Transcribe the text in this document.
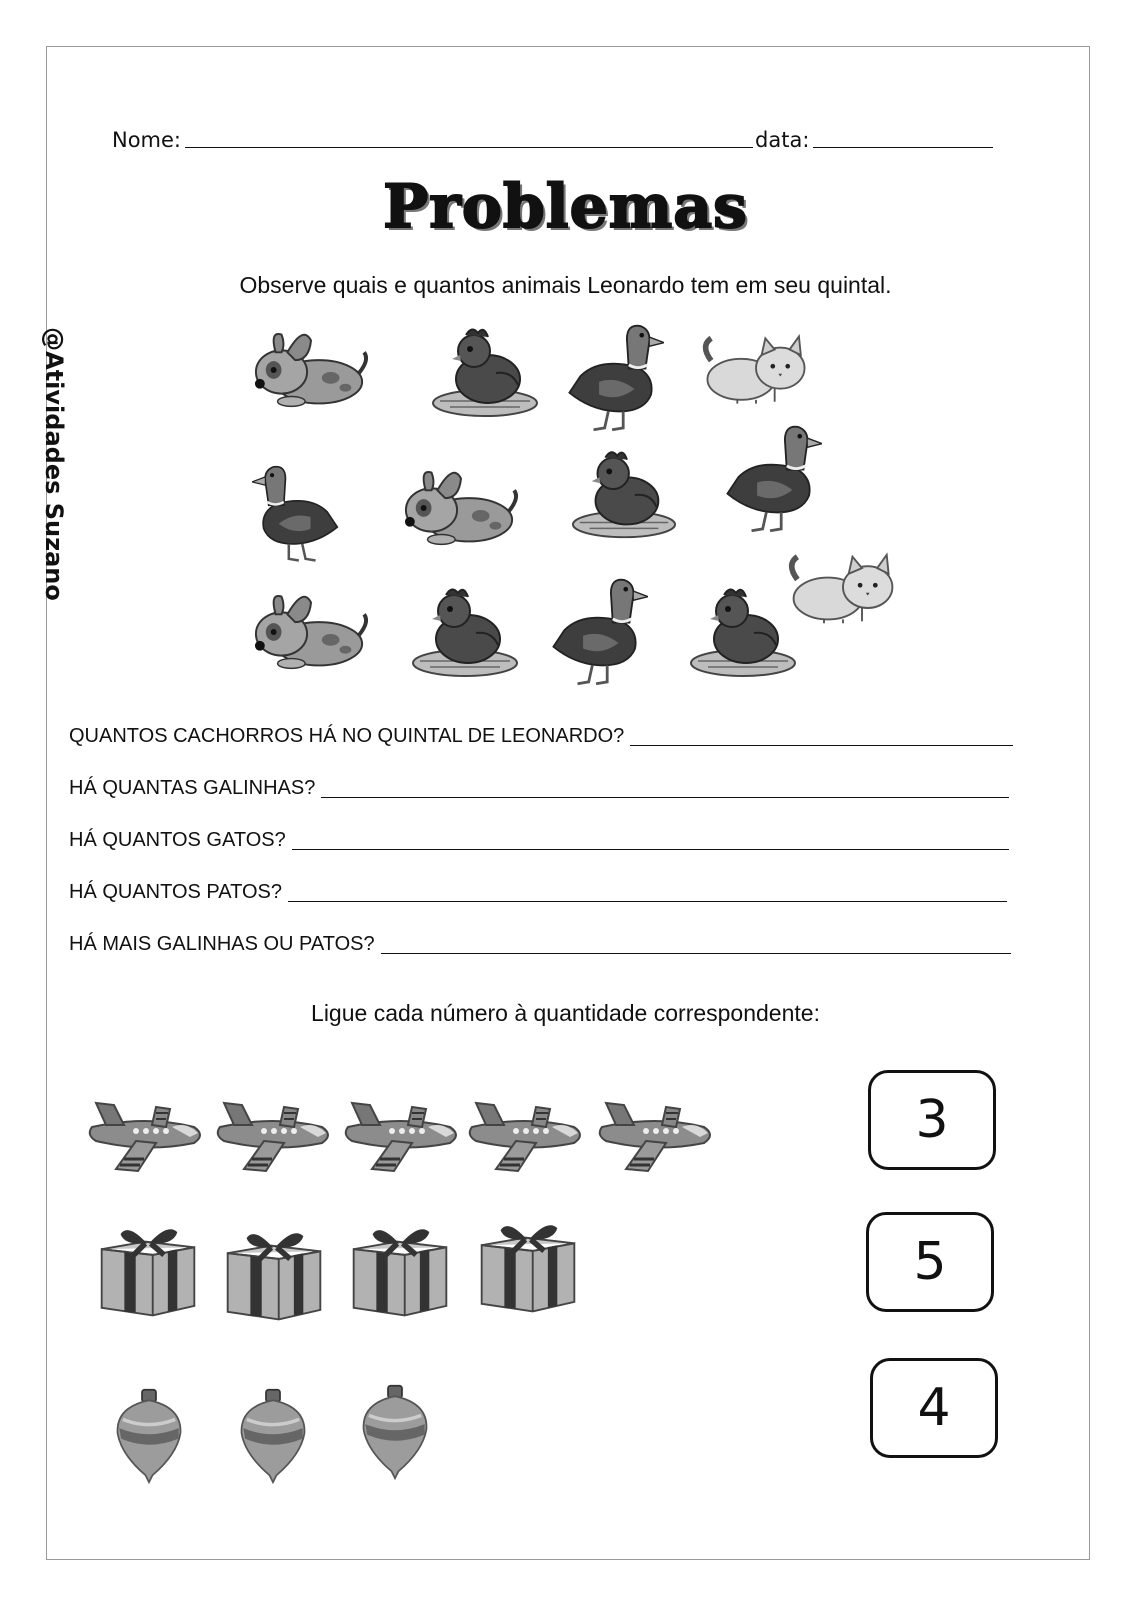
Nome:	data:
Problemas
Observe quais e quantos animais Leonardo tem em seu quintal.
@Atividades Suzano
QUANTOS CACHORROS HÁ NO QUINTAL DE LEONARDO?
HÁ QUANTAS GALINHAS?
HÁ QUANTOS GATOS?
HÁ QUANTOS PATOS?
HÁ MAIS GALINHAS OU PATOS?
Ligue cada número à quantidade correspondente:
3
5
4
